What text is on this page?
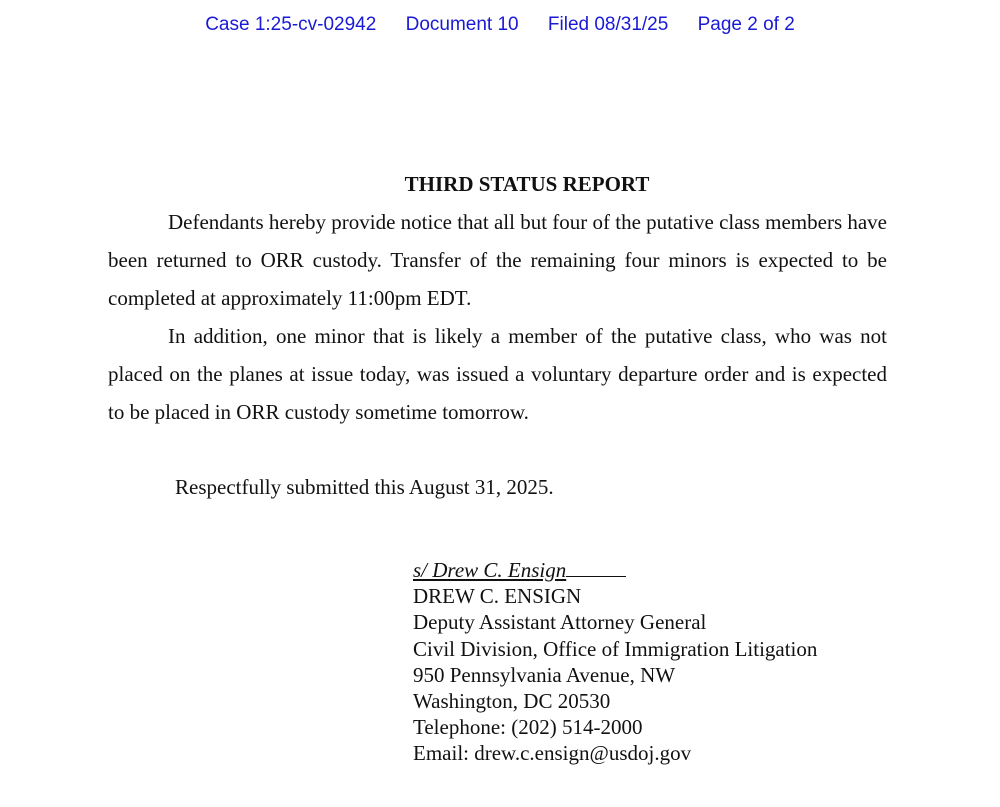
Case 1:25-cv-02942 Document 10 Filed 08/31/25 Page 2 of 2
THIRD STATUS REPORT

Defendants hereby provide notice that all but four of the putative class members have been returned to ORR custody. Transfer of the remaining four minors is expected to be completed at approximately 11:00pm EDT.

In addition, one minor that is likely a member of the putative class, who was not placed on the planes at issue today, was issued a voluntary departure order and is expected to be placed in ORR custody sometime tomorrow.

Respectfully submitted this August 31, 2025.
s/ Drew C. Ensign
DREW C. ENSIGN
Deputy Assistant Attorney General
Civil Division, Office of Immigration Litigation
950 Pennsylvania Avenue, NW
Washington, DC 20530
Telephone: (202) 514-2000
Email: drew.c.ensign@usdoj.gov
